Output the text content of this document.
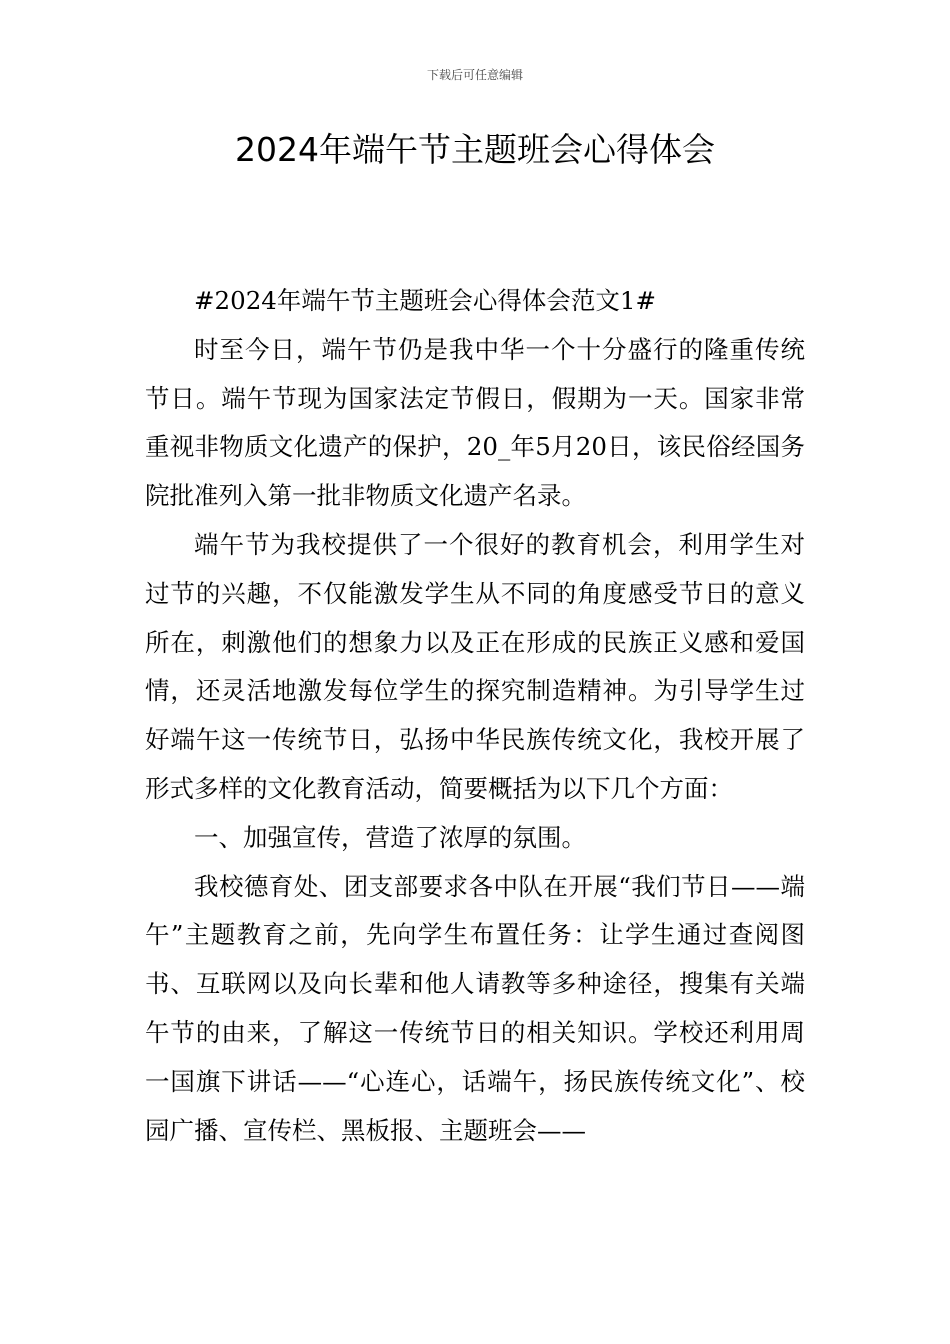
下载后可任意编辑
2024年端午节主题班会心得体会

#2024年端午节主题班会心得体会范文1#

时至今日，端午节仍是我中华一个十分盛行的隆重传统节日。端午节现为国家法定节假日，假期为一天。国家非常重视非物质文化遗产的保护，20_年5月20日，该民俗经国务院批准列入第一批非物质文化遗产名录。

端午节为我校提供了一个很好的教育机会，利用学生对过节的兴趣，不仅能激发学生从不同的角度感受节日的意义所在，刺激他们的想象力以及正在形成的民族正义感和爱国情，还灵活地激发每位学生的探究制造精神。为引导学生过好端午这一传统节日，弘扬中华民族传统文化，我校开展了形式多样的文化教育活动，简要概括为以下几个方面：

一、加强宣传，营造了浓厚的氛围。

我校德育处、团支部要求各中队在开展“我们节日——端午”主题教育之前，先向学生布置任务：让学生通过查阅图书、互联网以及向长辈和他人请教等多种途径，搜集有关端午节的由来，了解这一传统节日的相关知识。学校还利用周一国旗下讲话——“心连心，话端午，扬民族传统文化”、校园广播、宣传栏、黑板报、主题班会——
